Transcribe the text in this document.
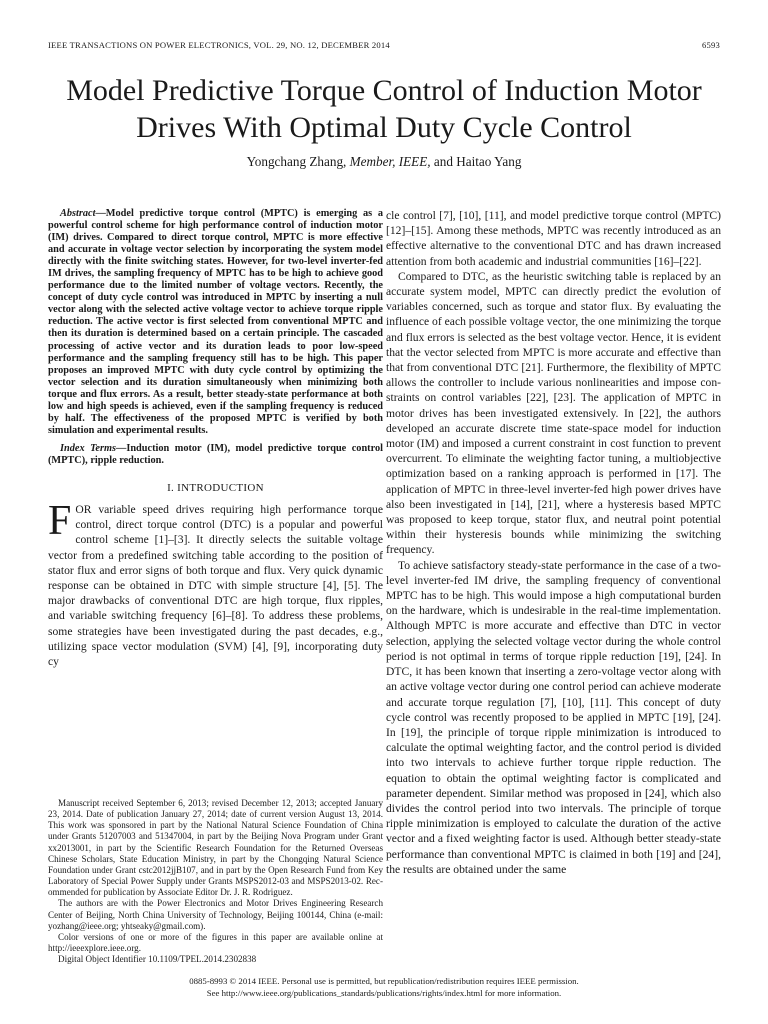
IEEE TRANSACTIONS ON POWER ELECTRONICS, VOL. 29, NO. 12, DECEMBER 2014	6593
Model Predictive Torque Control of Induction Motor
Drives With Optimal Duty Cycle Control
Yongchang Zhang, Member, IEEE, and Haitao Yang

Abstract—Model predictive torque control (MPTC) is emerging as a powerful control scheme for high performance control of induction motor (IM) drives. Compared to direct torque control, MPTC is more effective and accurate in voltage vector selection by incorporating the system model directly with the finite switching states. However, for two-level inverter-fed IM drives, the sampling frequency of MPTC has to be high to achieve good performance due to the limited number of voltage vectors. Recently, the concept of duty cycle control was introduced in MPTC by inserting a null vector along with the selected active voltage vector to achieve torque ripple reduction. The active vector is first selected from conventional MPTC and then its duration is determined based on a certain principle. The cascaded processing of active vector and its duration leads to poor low-speed performance and the sampling frequency still has to be high. This paper proposes an improved MPTC with duty cycle control by optimizing the vector selection and its duration simultaneously when minimizing both torque and flux errors. As a result, better steady-state performance at both low and high speeds is achieved, even if the sampling frequency is reduced by half. The effectiveness of the proposed MPTC is verified by both simulation and experimental results.

Index Terms—Induction motor (IM), model predictive torque control (MPTC), ripple reduction.

I. INTRODUCTION

FOR variable speed drives requiring high performance torque control, direct torque control (DTC) is a popular and powerful control scheme [1]–[3]. It directly selects the suitable voltage vector from a predefined switching table according to the position of stator flux and error signs of both torque and flux. Very quick dynamic response can be obtained in DTC with simple structure [4], [5]. The major drawbacks of conventional DTC are high torque, flux ripples, and variable switching frequency [6]–[8]. To address these problems, some strategies have been investigated during the past decades, e.g., utilizing space vector modulation (SVM) [4], [9], incorporating duty cy

Manuscript received September 6, 2013; revised December 12, 2013; accepted January 23, 2014. Date of publication January 27, 2014; date of current version August 13, 2014. This work was sponsored in part by the National Natural Science Foundation of China under Grants 51207003 and 51347004, in part by the Beijing Nova Program under Grant xx2013001, in part by the Scientific Research Foundation for the Returned Overseas Chinese Scholars, State Education Ministry, in part by the Chongqing Natural Science Foundation under Grant cstc2012jjB107, and in part by the Open Research Fund from Key Laboratory of Special Power Supply under Grants MSPS2012-03 and MSPS2013-02. Recommended for publication by Associate Editor Dr. J. R. Rodriguez.

The authors are with the Power Electronics and Motor Drives Engineering Research Center of Beijing, North China University of Technology, Beijing 100144, China (e-mail: yozhang@ieee.org; yhtseaky@gmail.com).

Color versions of one or more of the figures in this paper are available online at http://ieeexplore.ieee.org.

Digital Object Identifier 10.1109/TPEL.2014.2302838

cle control [7], [10], [11], and model predictive torque control (MPTC) [12]–[15]. Among these methods, MPTC was recently introduced as an effective alternative to the conventional DTC and has drawn increased attention from both academic and industrial communities [16]–[22].

Compared to DTC, as the heuristic switching table is replaced by an accurate system model, MPTC can directly predict the evolution of variables concerned, such as torque and stator flux. By evaluating the influence of each possible voltage vector, the one minimizing the torque and flux errors is selected as the best voltage vector. Hence, it is evident that the vector selected from MPTC is more accurate and effective than that from conventional DTC [21]. Furthermore, the flexibility of MPTC allows the controller to include various nonlinearities and impose constraints on control variables [22], [23]. The application of MPTC in motor drives has been investigated extensively. In [22], the authors developed an accurate discrete time state-space model for induction motor (IM) and imposed a current constraint in cost function to prevent overcurrent. To eliminate the weighting factor tuning, a multiobjective optimization based on a ranking approach is performed in [17]. The application of MPTC in three-level inverter-fed high power drives have also been investigated in [14], [21], where a hysteresis based MPTC was proposed to keep torque, stator flux, and neutral point potential within their hysteresis bounds while minimizing the switching frequency.

To achieve satisfactory steady-state performance in the case of a two-level inverter-fed IM drive, the sampling frequency of conventional MPTC has to be high. This would impose a high computational burden on the hardware, which is undesirable in the real-time implementation. Although MPTC is more accurate and effective than DTC in vector selection, applying the selected voltage vector during the whole control period is not optimal in terms of torque ripple reduction [19], [24]. In DTC, it has been known that inserting a zero-voltage vector along with an active voltage vector during one control period can achieve moderate and accurate torque regulation [7], [10], [11]. This concept of duty cycle control was recently proposed to be applied in MPTC [19], [24]. In [19], the principle of torque ripple minimization is introduced to calculate the optimal weighting factor, and the control period is divided into two intervals to achieve further torque ripple reduction. The equation to obtain the optimal weighting factor is complicated and parameter dependent. Similar method was proposed in [24], which also divides the control period into two intervals. The principle of torque ripple minimization is employed to calculate the duration of the active vector and a fixed weighting factor is used. Although better steady-state performance than conventional MPTC is claimed in both [19] and [24], the results are obtained under the same

0885-8993 © 2014 IEEE. Personal use is permitted, but republication/redistribution requires IEEE permission.
See http://www.ieee.org/publications_standards/publications/rights/index.html for more information.
